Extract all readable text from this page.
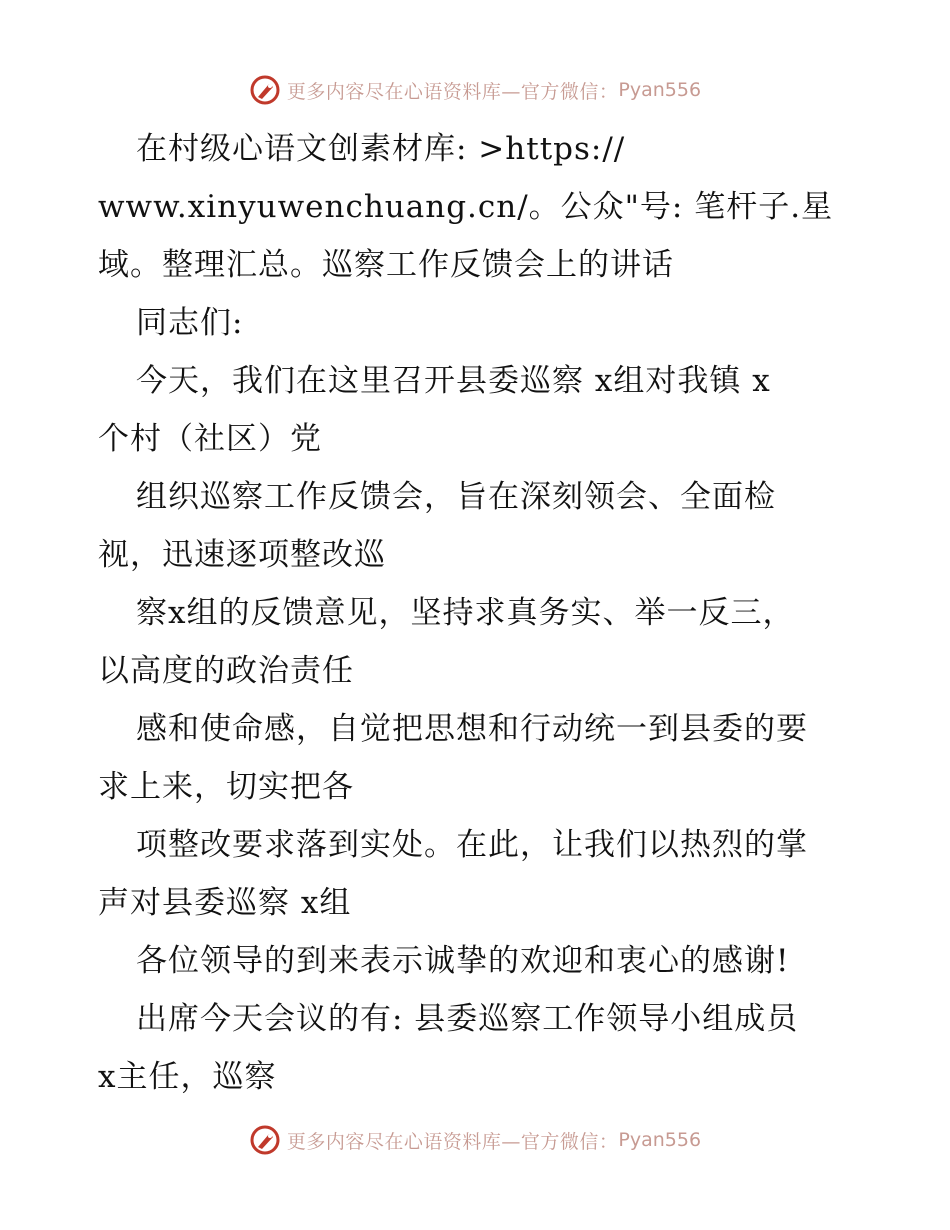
更多内容尽在心语资料库—官方微信： Pyan556
在村级心语文创素材库: >https://
www.xinyuwenchuang.cn/。公众"号: 笔杆子.星
域。整理汇总。巡察工作反馈会上的讲话
同志们:
今天，我们在这里召开县委巡察 x组对我镇 x
个村（社区）党
组织巡察工作反馈会，旨在深刻领会、全面检
视，迅速逐项整改巡
察x组的反馈意见，坚持求真务实、举一反三，
以高度的政治责任
感和使命感，自觉把思想和行动统一到县委的要
求上来，切实把各
项整改要求落到实处。在此，让我们以热烈的掌
声对县委巡察 x组
各位领导的到来表示诚挚的欢迎和衷心的感谢!
出席今天会议的有: 县委巡察工作领导小组成员
x主任，巡察
更多内容尽在心语资料库—官方微信： Pyan556
